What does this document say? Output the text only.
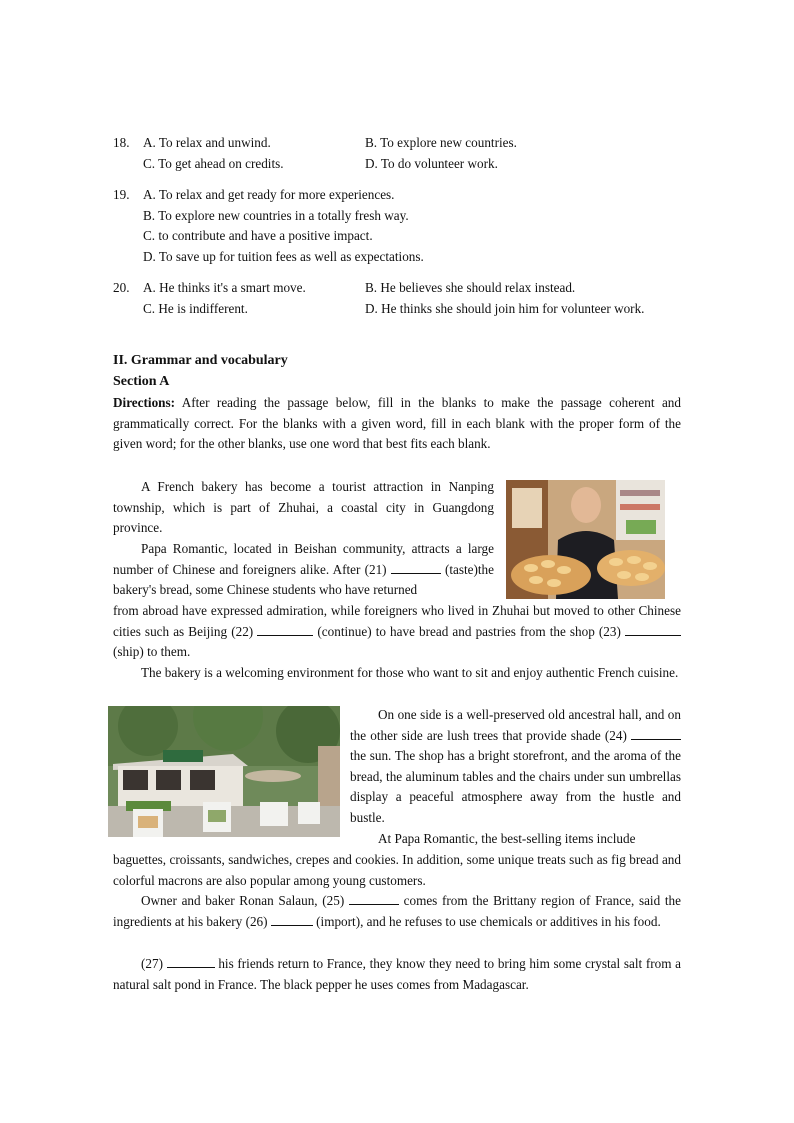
18. A. To relax and unwind.	B. To explore new countries.
C. To get ahead on credits.	D. To do volunteer work.
19. A. To relax and get ready for more experiences.
B. To explore new countries in a totally fresh way.
C. to contribute and have a positive impact.
D. To save up for tuition fees as well as expectations.
20. A. He thinks it's a smart move.	B. He believes she should relax instead.
C. He is indifferent.	D. He thinks she should join him for volunteer work.
II. Grammar and vocabulary
Section A

Directions: After reading the passage below, fill in the blanks to make the passage coherent and grammatically correct. For the blanks with a given word, fill in each blank with the proper form of the given word; for the other blanks, use one word that best fits each blank.

A French bakery has become a tourist attraction in Nanping township, which is part of Zhuhai, a coastal city in Guangdong province.

Papa Romantic, located in Beishan community, attracts a large number of Chinese and foreigners alike. After (21)	(taste)the bakery's bread, some Chinese students who have returned

from abroad have expressed admiration, while foreigners who lived in Zhuhai but moved to other Chinese cities such as Beijing (22)	(continue) to have bread and pastries from the shop (23)  (ship) to them.

The bakery is a welcoming environment for those who want to sit and enjoy authentic French cuisine.

On one side is a well-preserved old ancestral hall, and on the other side are lush trees that provide shade (24)  the sun. The shop has a bright storefront, and the aroma of the bread, the aluminum tables and the chairs under sun umbrellas display a peaceful atmosphere away from the hustle and bustle.

At Papa Romantic, the best-selling items include

baguettes, croissants, sandwiches, crepes and cookies. In addition, some unique treats such as fig bread and colorful macrons are also popular among young customers.

Owner and baker Ronan Salaun, (25)	comes from the Brittany region of France, said the ingredients at his bakery (26)	(import), and he refuses to use chemicals or additives in his food.

(27)	his friends return to France, they know they need to bring him some crystal salt from a natural salt pond in France. The black pepper he uses comes from Madagascar.
